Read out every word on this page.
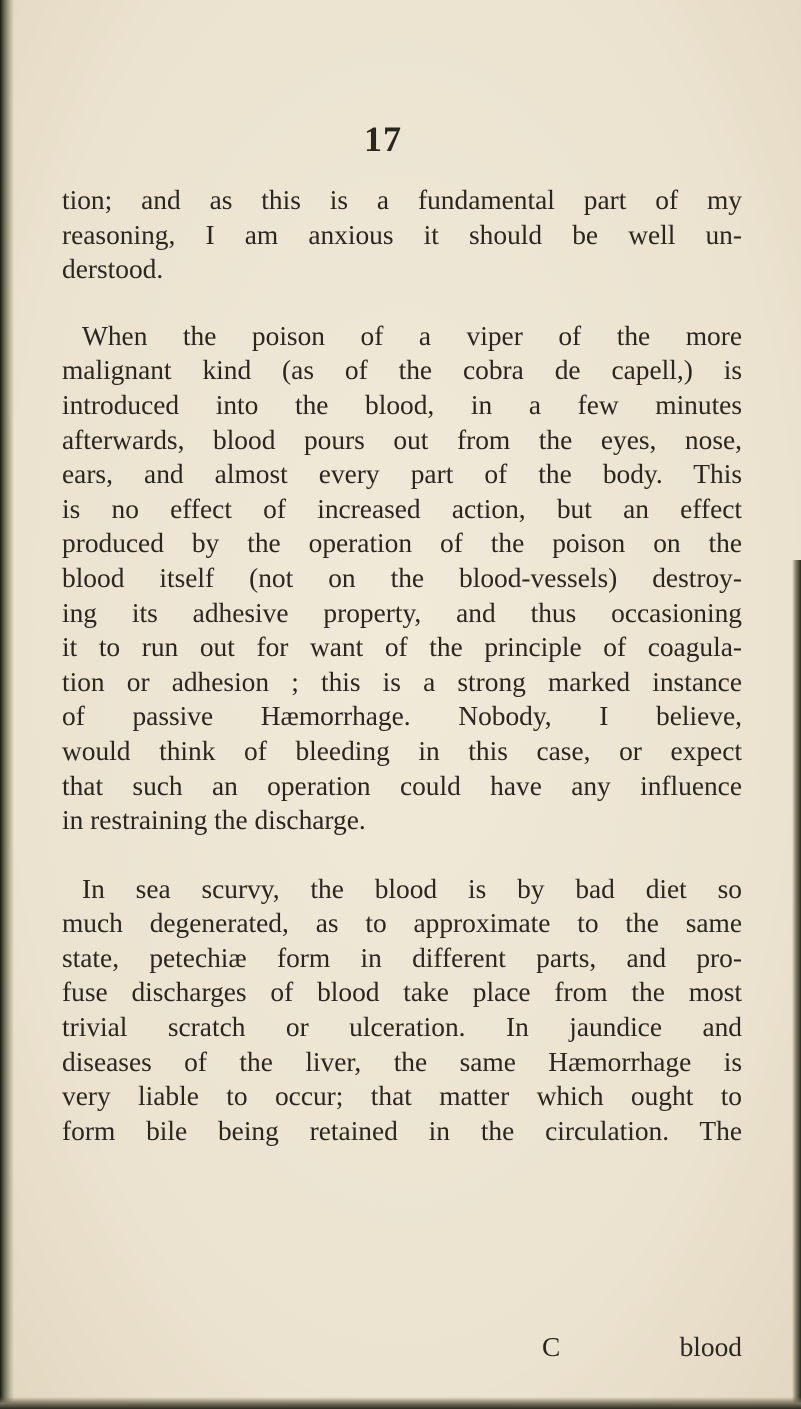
17
tion; and as this is a fundamental part of my
reasoning, I am anxious it should be well un-
derstood.
When the poison of a viper of the more
malignant kind (as of the cobra de capell,) is
introduced into the blood, in a few minutes
afterwards, blood pours out from the eyes, nose,
ears, and almost every part of the body. This
is no effect of increased action, but an effect
produced by the operation of the poison on the
blood itself (not on the blood-vessels) destroy-
ing its adhesive property, and thus occasioning
it to run out for want of the principle of coagula-
tion or adhesion ; this is a strong marked instance
of passive Hæmorrhage. Nobody, I believe,
would think of bleeding in this case, or expect
that such an operation could have any influence
in restraining the discharge.
In sea scurvy, the blood is by bad diet so
much degenerated, as to approximate to the same
state, petechiæ form in different parts, and pro-
fuse discharges of blood take place from the most
trivial scratch or ulceration. In jaundice and
diseases of the liver, the same Hæmorrhage is
very liable to occur; that matter which ought to
form bile being retained in the circulation. The
C	blood
